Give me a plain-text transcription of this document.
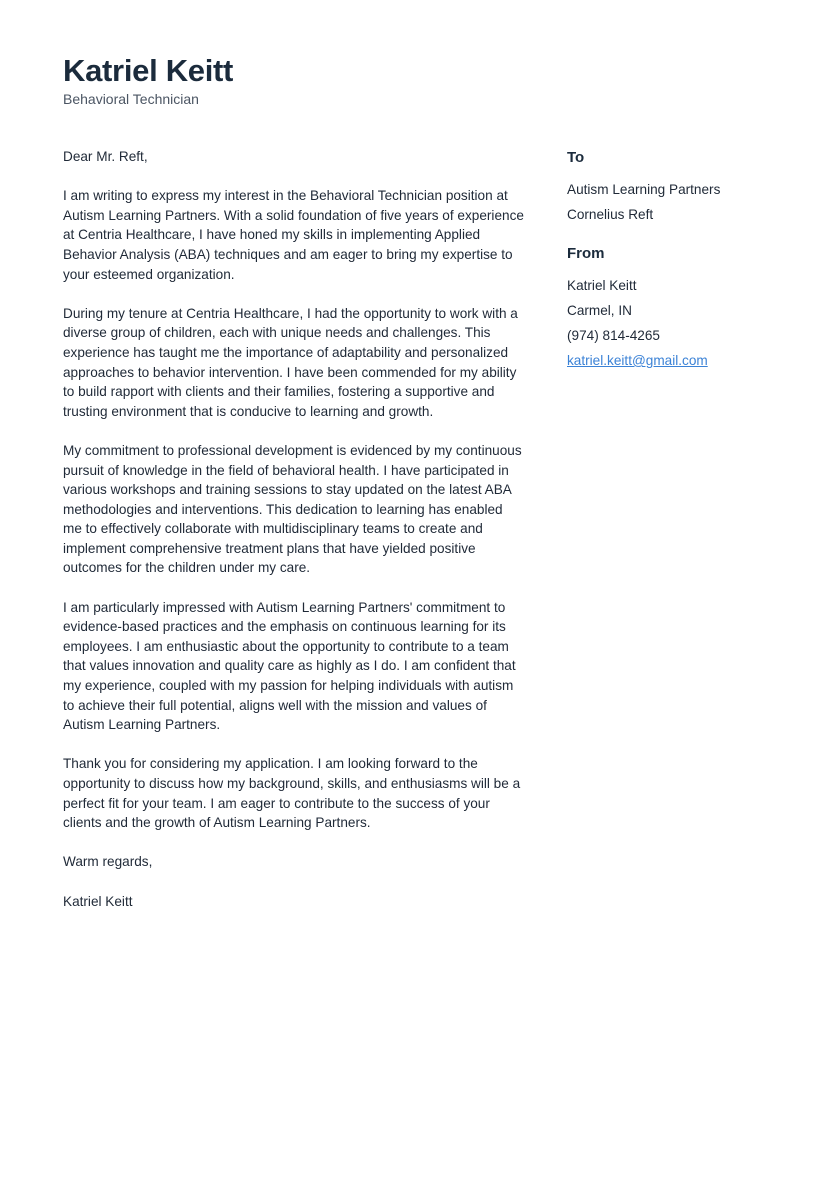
Katriel Keitt
Behavioral Technician

Dear Mr. Reft,

I am writing to express my interest in the Behavioral Technician position at Autism Learning Partners. With a solid foundation of five years of experience at Centria Healthcare, I have honed my skills in implementing Applied Behavior Analysis (ABA) techniques and am eager to bring my expertise to your esteemed organization.

During my tenure at Centria Healthcare, I had the opportunity to work with a diverse group of children, each with unique needs and challenges. This experience has taught me the importance of adaptability and personalized approaches to behavior intervention. I have been commended for my ability to build rapport with clients and their families, fostering a supportive and trusting environment that is conducive to learning and growth.

My commitment to professional development is evidenced by my continuous pursuit of knowledge in the field of behavioral health. I have participated in various workshops and training sessions to stay updated on the latest ABA methodologies and interventions. This dedication to learning has enabled me to effectively collaborate with multidisciplinary teams to create and implement comprehensive treatment plans that have yielded positive outcomes for the children under my care.

I am particularly impressed with Autism Learning Partners' commitment to evidence-based practices and the emphasis on continuous learning for its employees. I am enthusiastic about the opportunity to contribute to a team that values innovation and quality care as highly as I do. I am confident that my experience, coupled with my passion for helping individuals with autism to achieve their full potential, aligns well with the mission and values of Autism Learning Partners.

Thank you for considering my application. I am looking forward to the opportunity to discuss how my background, skills, and enthusiasms will be a perfect fit for your team. I am eager to contribute to the success of your clients and the growth of Autism Learning Partners.

Warm regards,

Katriel Keitt

To
Autism Learning Partners
Cornelius Reft
From
Katriel Keitt
Carmel, IN
(974) 814-4265
katriel.keitt@gmail.com
